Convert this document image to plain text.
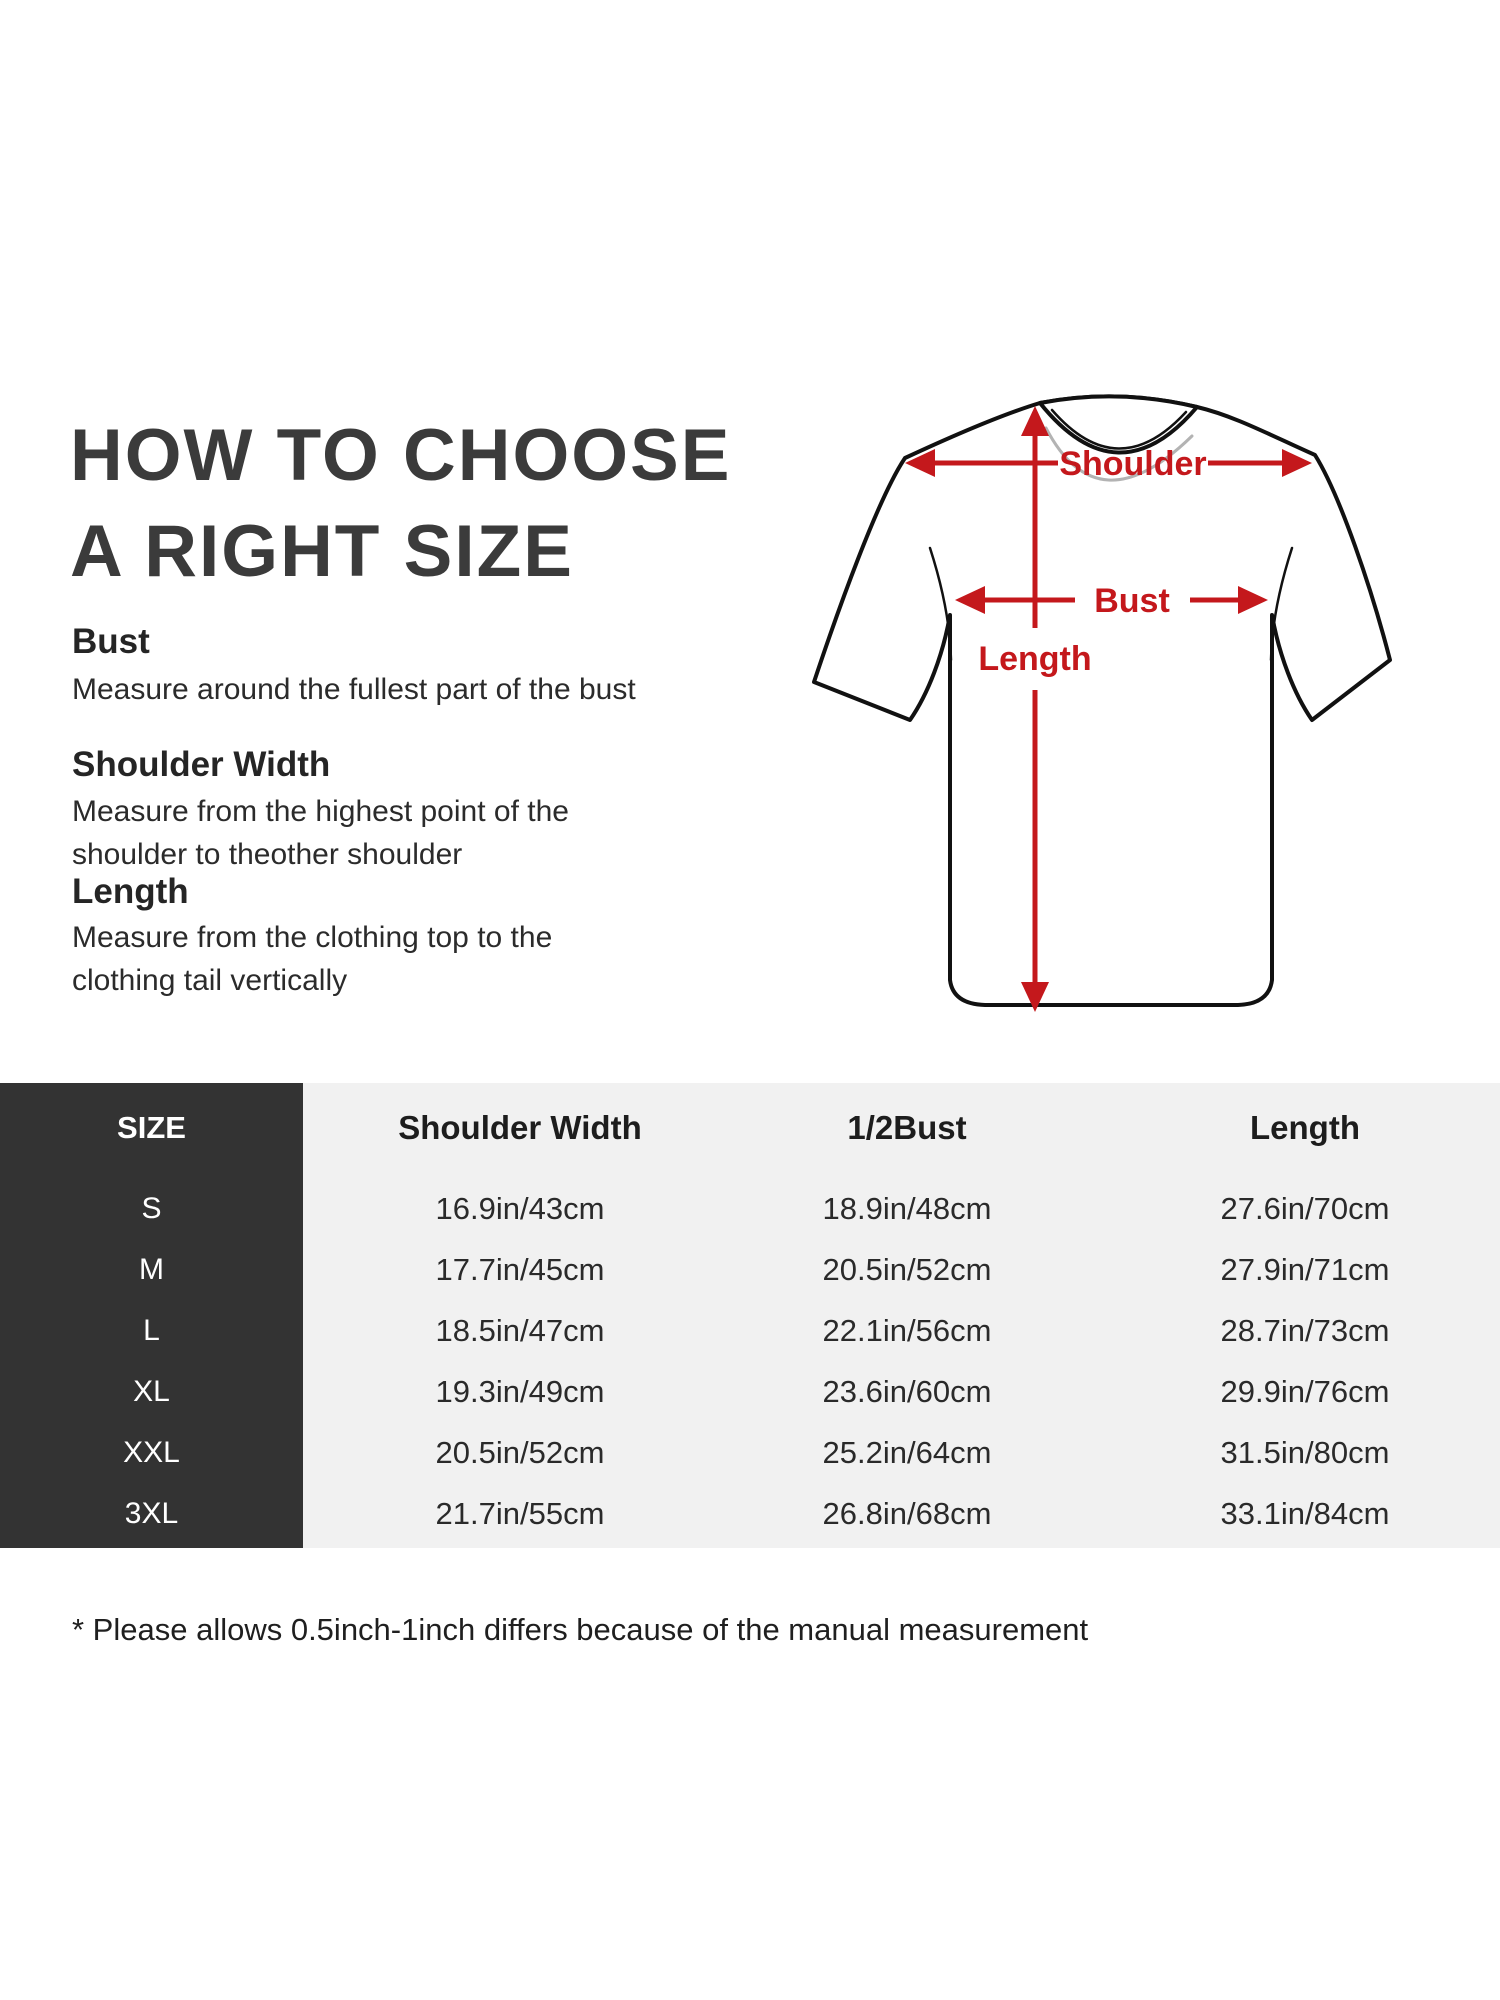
HOW TO CHOOSE
A RIGHT SIZE
Bust
Measure around the fullest part of the bust
Shoulder Width
Measure from the highest point of the
shoulder to theother shoulder
Length
Measure from the clothing top to the
clothing tail vertically
Shoulder
Bust
Length
SIZE	Shoulder Width	1/2Bust	Length
S	16.9in/43cm	18.9in/48cm	27.6in/70cm
M	17.7in/45cm	20.5in/52cm	27.9in/71cm
L	18.5in/47cm	22.1in/56cm	28.7in/73cm
XL	19.3in/49cm	23.6in/60cm	29.9in/76cm
XXL	20.5in/52cm	25.2in/64cm	31.5in/80cm
3XL	21.7in/55cm	26.8in/68cm	33.1in/84cm
* Please allows 0.5inch-1inch differs because of the manual measurement
